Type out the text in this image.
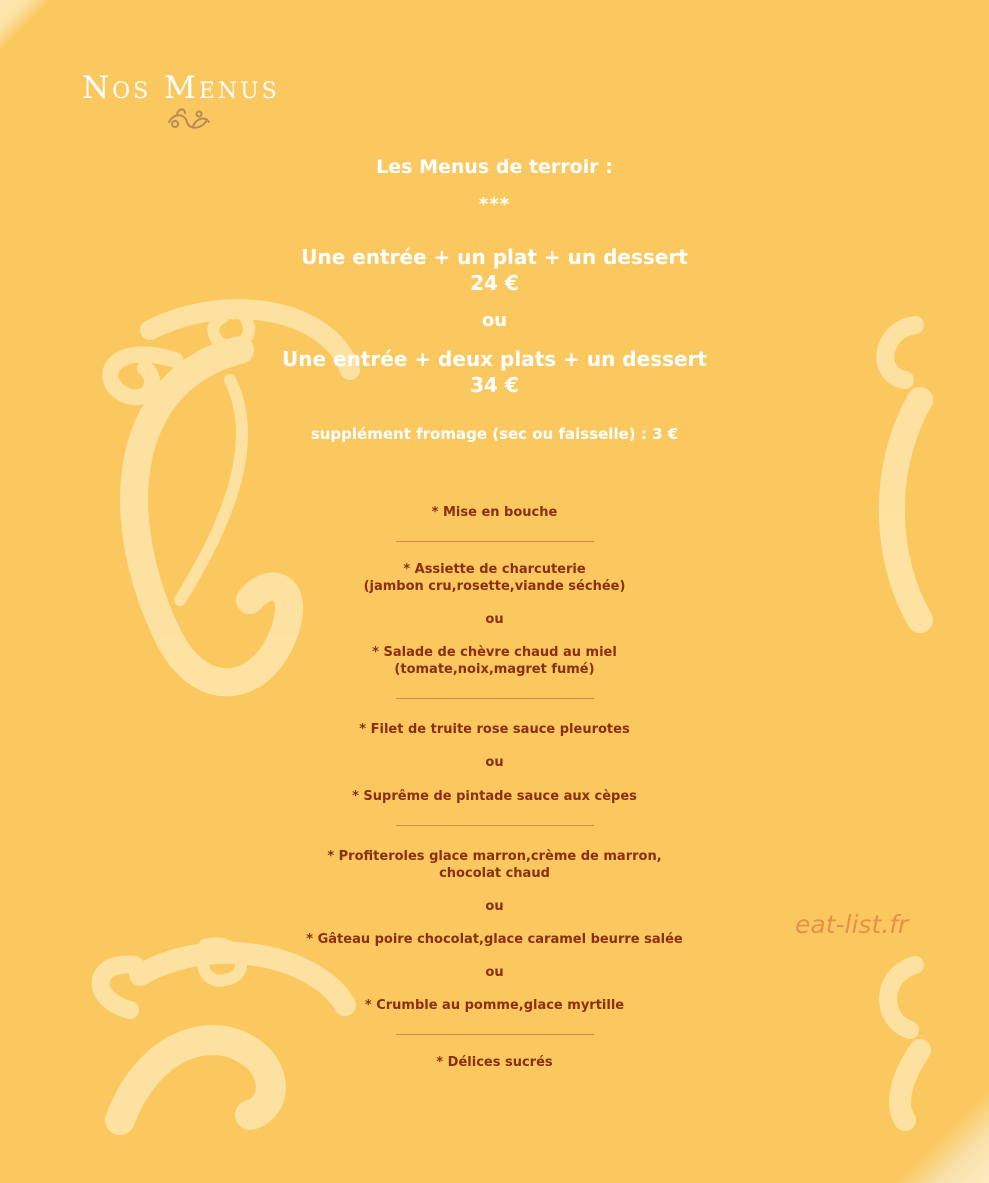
Nos Menus
Les Menus de terroir :
***
Une entrée + un plat + un dessert
24 €
ou
Une entrée + deux plats + un dessert
34 €
supplément fromage (sec ou faisselle) : 3 €
* Mise en bouche
* Assiette de charcuterie
(jambon cru,rosette,viande séchée)
ou
* Salade de chèvre chaud au miel
(tomate,noix,magret fumé)
* Filet de truite rose sauce pleurotes
ou
* Suprême de pintade sauce aux cèpes
* Profiteroles glace marron,crème de marron,
chocolat chaud
ou
* Gâteau poire chocolat,glace caramel beurre salée
ou
* Crumble au pomme,glace myrtille
* Délices sucrés
eat-list.fr
